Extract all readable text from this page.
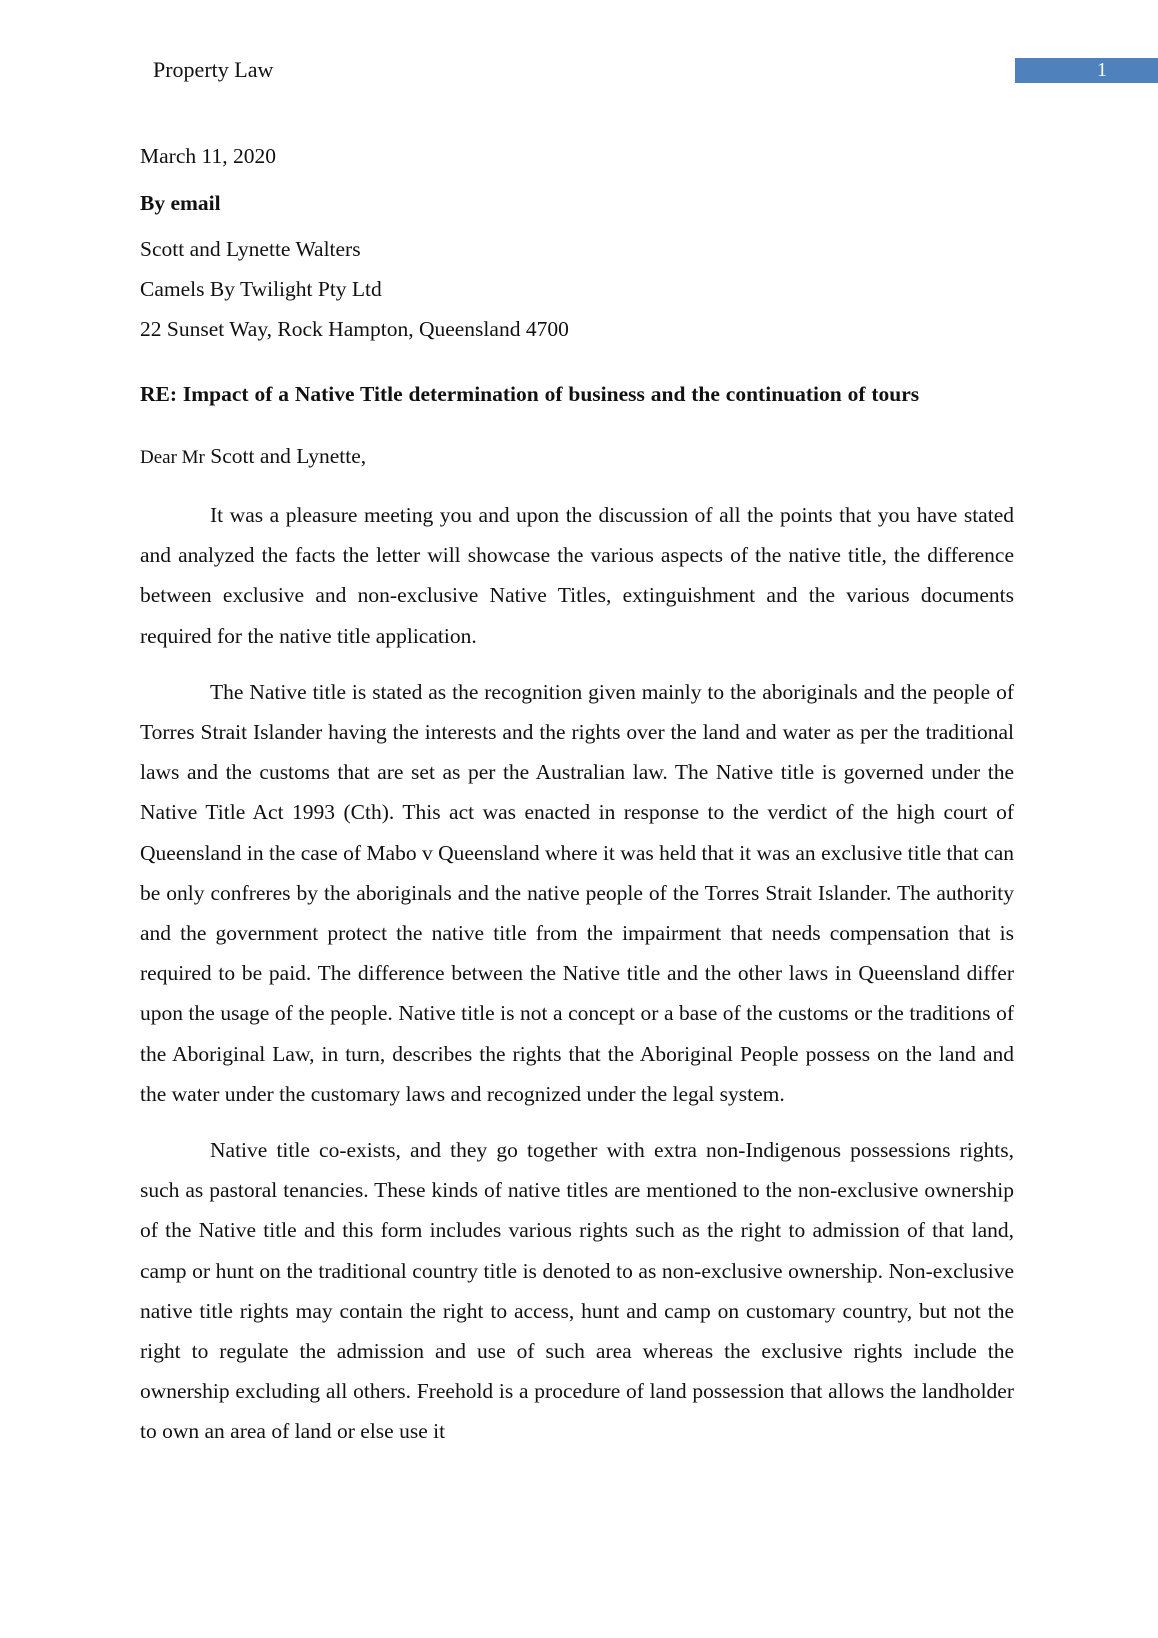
Property Law	1

March 11, 2020

By email

Scott and Lynette Walters

Camels By Twilight Pty Ltd

22 Sunset Way, Rock Hampton, Queensland 4700

RE: Impact of a Native Title determination of business and the continuation of tours

Dear Mr Scott and Lynette,

It was a pleasure meeting you and upon the discussion of all the points that you have stated and analyzed the facts the letter will showcase the various aspects of the native title, the difference between exclusive and non-exclusive Native Titles, extinguishment and the various documents required for the native title application.

The Native title is stated as the recognition given mainly to the aboriginals and the people of Torres Strait Islander having the interests and the rights over the land and water as per the traditional laws and the customs that are set as per the Australian law. The Native title is governed under the Native Title Act 1993 (Cth). This act was enacted in response to the verdict of the high court of Queensland in the case of Mabo v Queensland where it was held that it was an exclusive title that can be only confreres by the aboriginals and the native people of the Torres Strait Islander. The authority and the government protect the native title from the impairment that needs compensation that is required to be paid. The difference between the Native title and the other laws in Queensland differ upon the usage of the people. Native title is not a concept or a base of the customs or the traditions of the Aboriginal Law, in turn, describes the rights that the Aboriginal People possess on the land and the water under the customary laws and recognized under the legal system.

Native title co-exists, and they go together with extra non-Indigenous possessions rights, such as pastoral tenancies. These kinds of native titles are mentioned to the non-exclusive ownership of the Native title and this form includes various rights such as the right to admission of that land, camp or hunt on the traditional country title is denoted to as non-exclusive ownership. Non-exclusive native title rights may contain the right to access, hunt and camp on customary country, but not the right to regulate the admission and use of such area whereas the exclusive rights include the ownership excluding all others. Freehold is a procedure of land possession that allows the landholder to own an area of land or else use it
